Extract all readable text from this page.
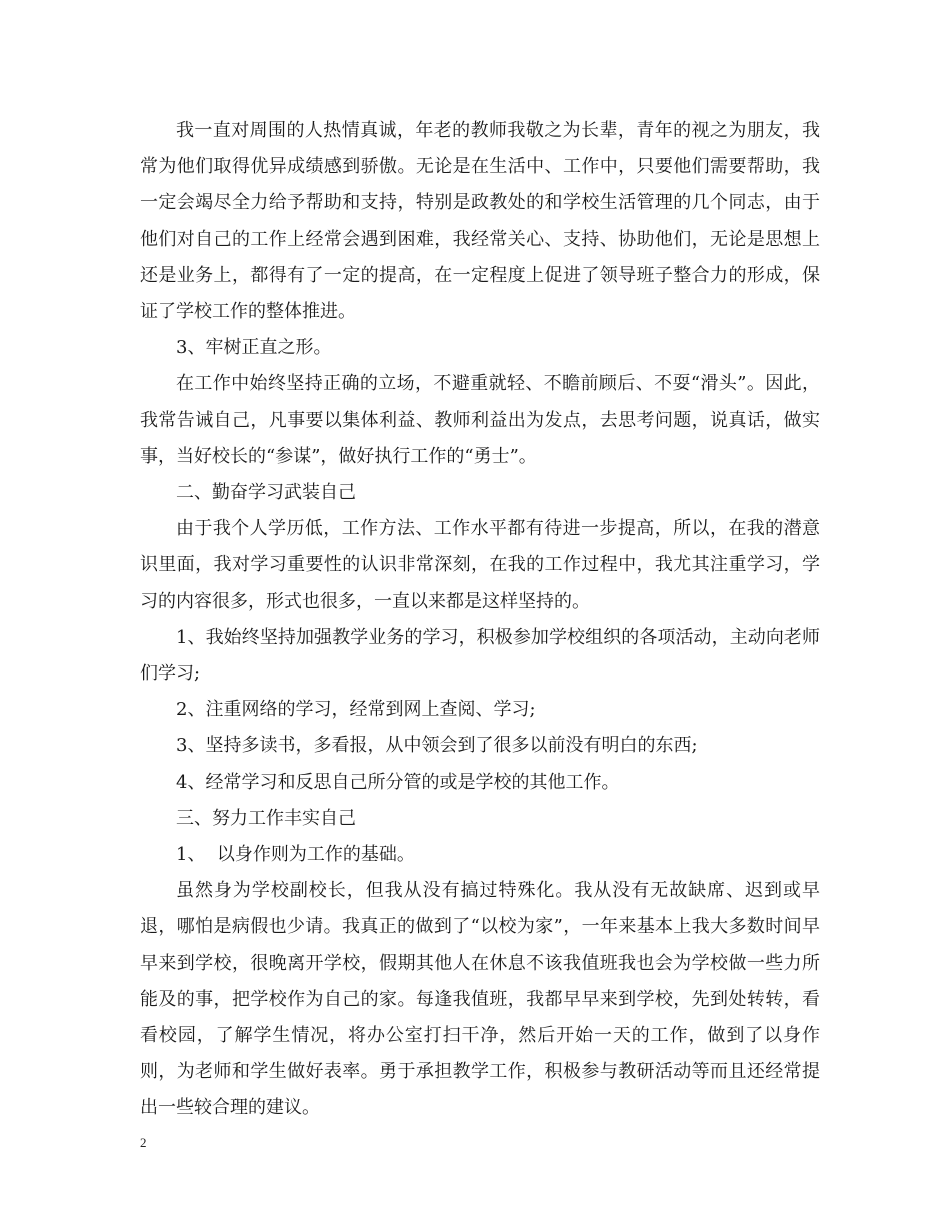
我一直对周围的人热情真诚，年老的教师我敬之为长辈，青年的视之为朋友，我常为他们取得优异成绩感到骄傲。无论是在生活中、工作中，只要他们需要帮助，我一定会竭尽全力给予帮助和支持，特别是政教处的和学校生活管理的几个同志，由于他们对自己的工作上经常会遇到困难，我经常关心、支持、协助他们，无论是思想上还是业务上，都得有了一定的提高，在一定程度上促进了领导班子整合力的形成，保证了学校工作的整体推进。

3、牢树正直之形。

在工作中始终坚持正确的立场，不避重就轻、不瞻前顾后、不耍“滑头”。因此，我常告诫自己，凡事要以集体利益、教师利益出为发点，去思考问题，说真话，做实事，当好校长的“参谋”，做好执行工作的“勇士”。

二、勤奋学习武装自己

由于我个人学历低，工作方法、工作水平都有待进一步提高，所以，在我的潜意识里面，我对学习重要性的认识非常深刻，在我的工作过程中，我尤其注重学习，学习的内容很多，形式也很多，一直以来都是这样坚持的。

1、我始终坚持加强教学业务的学习，积极参加学校组织的各项活动，主动向老师们学习;

2、注重网络的学习，经常到网上查阅、学习;

3、坚持多读书，多看报，从中领会到了很多以前没有明白的东西;

4、经常学习和反思自己所分管的或是学校的其他工作。

三、努力工作丰实自己

1、  以身作则为工作的基础。

虽然身为学校副校长，但我从没有搞过特殊化。我从没有无故缺席、迟到或早退，哪怕是病假也少请。我真正的做到了“以校为家”，一年来基本上我大多数时间早早来到学校，很晚离开学校，假期其他人在休息不该我值班我也会为学校做一些力所能及的事，把学校作为自己的家。每逢我值班，我都早早来到学校，先到处转转，看看校园，了解学生情况，将办公室打扫干净，然后开始一天的工作，做到了以身作则，为老师和学生做好表率。勇于承担教学工作，积极参与教研活动等而且还经常提出一些较合理的建议。

2
